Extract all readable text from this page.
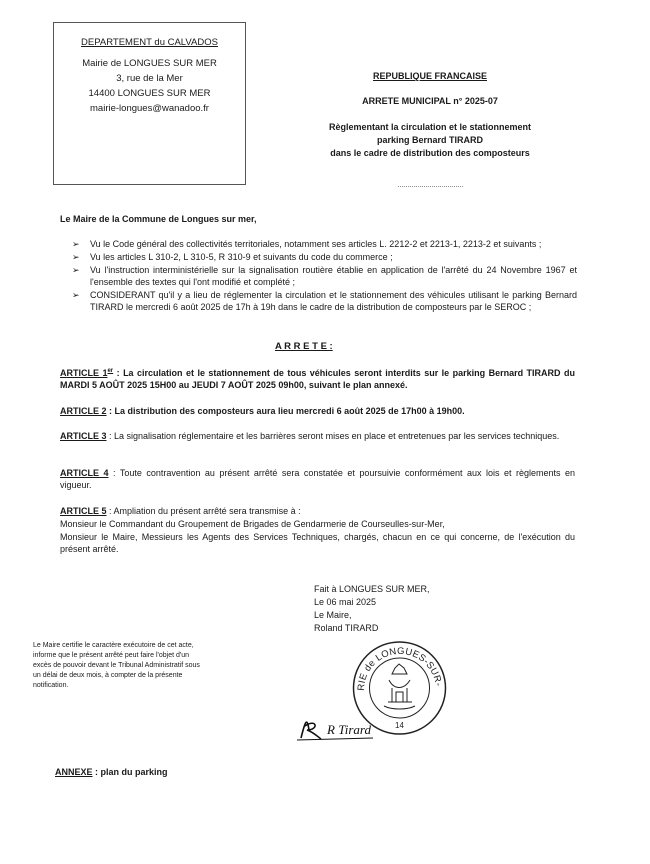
DEPARTEMENT du CALVADOS
Mairie de LONGUES SUR MER
3, rue de la Mer
14400 LONGUES SUR MER
mairie-longues@wanadoo.fr
REPUBLIQUE FRANCAISE
ARRETE MUNICIPAL n° 2025-07
Règlementant la circulation et le stationnement
parking Bernard TIRARD
dans le cadre de distribution des composteurs
……………………………
Le Maire de la Commune de Longues sur mer,
➢ Vu le Code général des collectivités territoriales, notamment ses articles L. 2212-2 et 2213-1, 2213-2 et suivants ;
➢ Vu les articles L 310-2, L 310-5, R 310-9 et suivants du code du commerce ;
➢ Vu l'instruction interministérielle sur la signalisation routière établie en application de l'arrêté du 24 Novembre 1967 et l'ensemble des textes qui l'ont modifié et complété ;
➢ CONSIDERANT qu'il y a lieu de réglementer la circulation et le stationnement des véhicules utilisant le parking Bernard TIRARD le mercredi 6 août 2025 de 17h à 19h dans le cadre de la distribution de composteurs par le SEROC ;
A R R E T E :
ARTICLE 1er : La circulation et le stationnement de tous véhicules seront interdits sur le parking Bernard TIRARD du MARDI 5 AOÛT 2025 15H00 au JEUDI 7 AOÛT 2025 09h00, suivant le plan annexé.
ARTICLE 2 : La distribution des composteurs aura lieu mercredi 6 août 2025 de 17h00 à 19h00.
ARTICLE 3 : La signalisation réglementaire et les barrières seront mises en place et entretenues par les services techniques.
ARTICLE 4 : Toute contravention au présent arrêté sera constatée et poursuivie conformément aux lois et règlements en vigueur.
ARTICLE 5 : Ampliation du présent arrêté sera transmise à :
Monsieur le Commandant du Groupement de Brigades de Gendarmerie de Courseulles-sur-Mer,
Monsieur le Maire, Messieurs les Agents des Services Techniques, chargés, chacun en ce qui concerne, de l'exécution du présent arrêté.
Fait à LONGUES SUR MER,
Le 06 mai 2025
Le Maire,
Roland TIRARD
Le Maire certifie le caractère exécutoire de cet acte, informe que le présent arrêté peut faire l'objet d'un excès de pouvoir devant le Tribunal Administratif sous un délai de deux mois, à compter de la présente notification.
R Tirard
RIE de LONGUES-SUR-
14
ANNEXE : plan du parking
